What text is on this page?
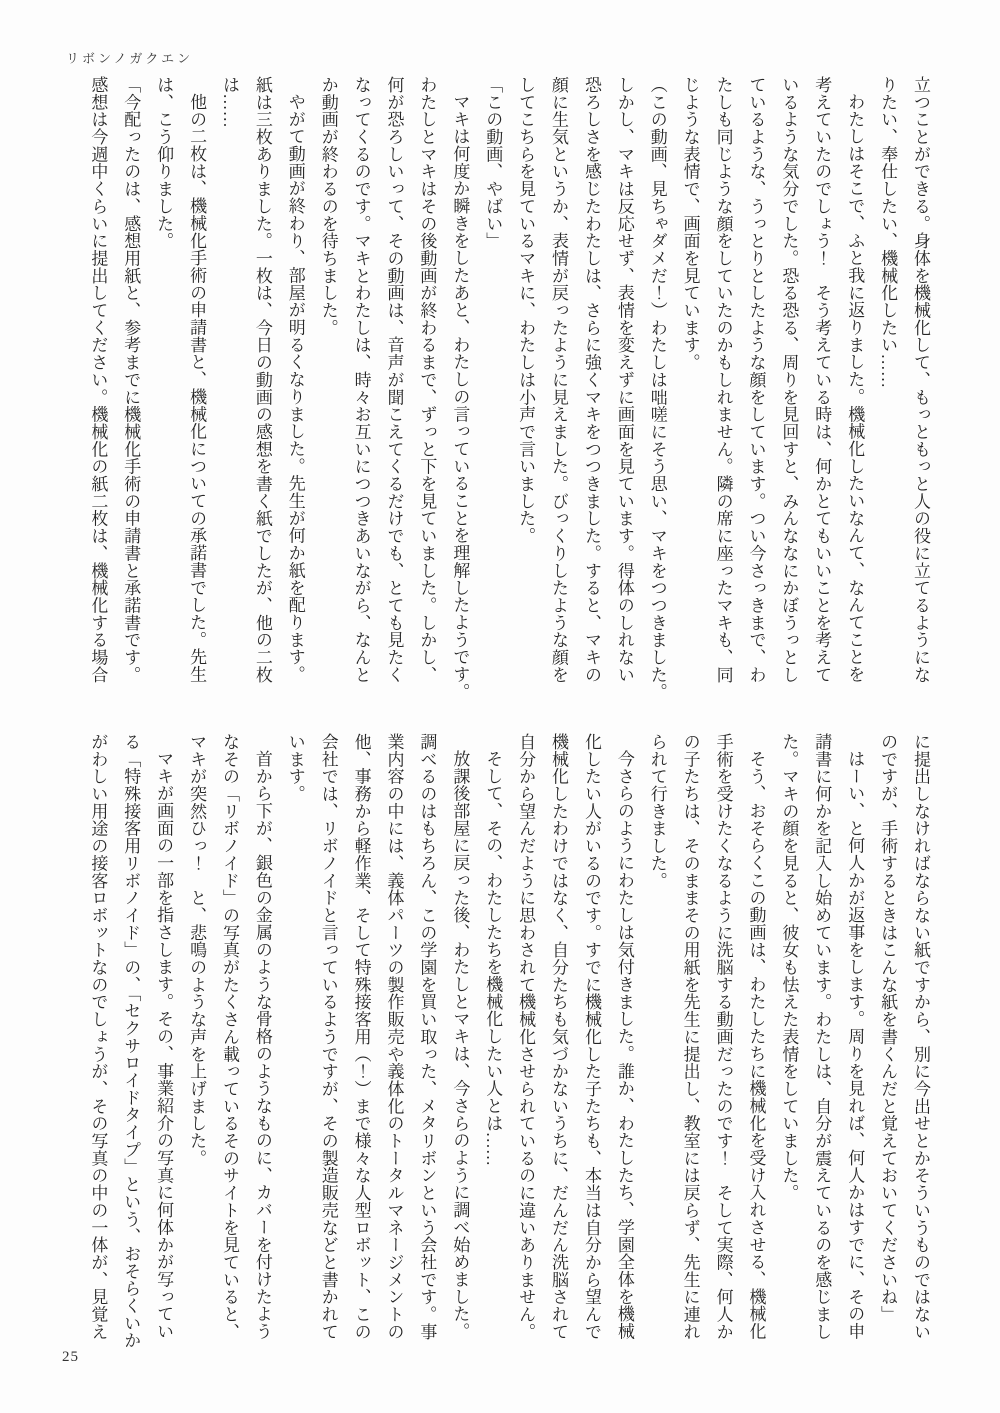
リボンノガクエン
立つことができる。身体を機械化して、もっともっと人の役に立てるようにな
りたい、奉仕したい、機械化したい……
わたしはそこで、ふと我に返りました。機械化したいなんて、なんてことを
考えていたのでしょう！　そう考えている時は、何かとてもいいことを考えて
いるような気分でした。恐る恐る、周りを見回すと、みんななにかぼうっとし
ているような、うっとりとしたような顔をしています。つい今さっきまで、わ
たしも同じような顔をしていたのかもしれません。隣の席に座ったマキも、同
じような表情で、画面を見ています。
（この動画、見ちゃダメだ！）わたしは咄嗟にそう思い、マキをつつきました。
しかし、マキは反応せず、表情を変えずに画面を見ています。得体のしれない
恐ろしさを感じたわたしは、さらに強くマキをつつきました。すると、マキの
顔に生気というか、表情が戻ったように見えました。びっくりしたような顔を
してこちらを見ているマキに、わたしは小声で言いました。
「この動画、やばい」
マキは何度か瞬きをしたあと、わたしの言っていることを理解したようです。
わたしとマキはその後動画が終わるまで、ずっと下を見ていました。しかし、
何が恐ろしいって、その動画は、音声が聞こえてくるだけでも、とても見たく
なってくるのです。マキとわたしは、時々お互いにつつきあいながら、なんと
か動画が終わるのを待ちました。
やがて動画が終わり、部屋が明るくなりました。先生が何か紙を配ります。
紙は三枚ありました。一枚は、今日の動画の感想を書く紙でしたが、他の二枚
は……
他の二枚は、機械化手術の申請書と、機械化についての承諾書でした。先生
は、こう仰りました。
「今配ったのは、感想用紙と、参考までに機械化手術の申請書と承諾書です。
感想は今週中くらいに提出してください。機械化の紙二枚は、機械化する場合
に提出しなければならない紙ですから、別に今出せとかそういうものではない
のですが、手術するときはこんな紙を書くんだと覚えておいてくださいね」
はーい、と何人かが返事をします。周りを見れば、何人かはすでに、その申
請書に何かを記入し始めています。わたしは、自分が震えているのを感じまし
た。マキの顔を見ると、彼女も怯えた表情をしていました。
そう、おそらくこの動画は、わたしたちに機械化を受け入れさせる、機械化
手術を受けたくなるように洗脳する動画だったのです！　そして実際、何人か
の子たちは、そのままその用紙を先生に提出し、教室には戻らず、先生に連れ
られて行きました。
今さらのようにわたしは気付きました。誰か、わたしたち、学園全体を機械
化したい人がいるのです。すでに機械化した子たちも、本当は自分から望んで
機械化したわけではなく、自分たちも気づかないうちに、だんだん洗脳されて
自分から望んだように思わされて機械化させられているのに違いありません。
そして、その、わたしたちを機械化したい人とは……
放課後部屋に戻った後、わたしとマキは、今さらのように調べ始めました。
調べるのはもちろん、この学園を買い取った、メタリボンという会社です。事
業内容の中には、義体パーツの製作販売や義体化のトータルマネージメントの
他、事務から軽作業、そして特殊接客用（！）まで様々な人型ロボット、この
会社では、リボノイドと言っているようですが、その製造販売などと書かれて
います。
首から下が、銀色の金属のような骨格のようなものに、カバーを付けたよう
なその「リボノイド」の写真がたくさん載っているそのサイトを見ていると、
マキが突然ひっ！　と、悲鳴のような声を上げました。
マキが画面の一部を指さします。その、事業紹介の写真に何体かが写ってい
る「特殊接客用リボノイド」の、「セクサロイドタイプ」という、おそらくいか
がわしい用途の接客ロボットなのでしょうが、その写真の中の一体が、見覚え
25
